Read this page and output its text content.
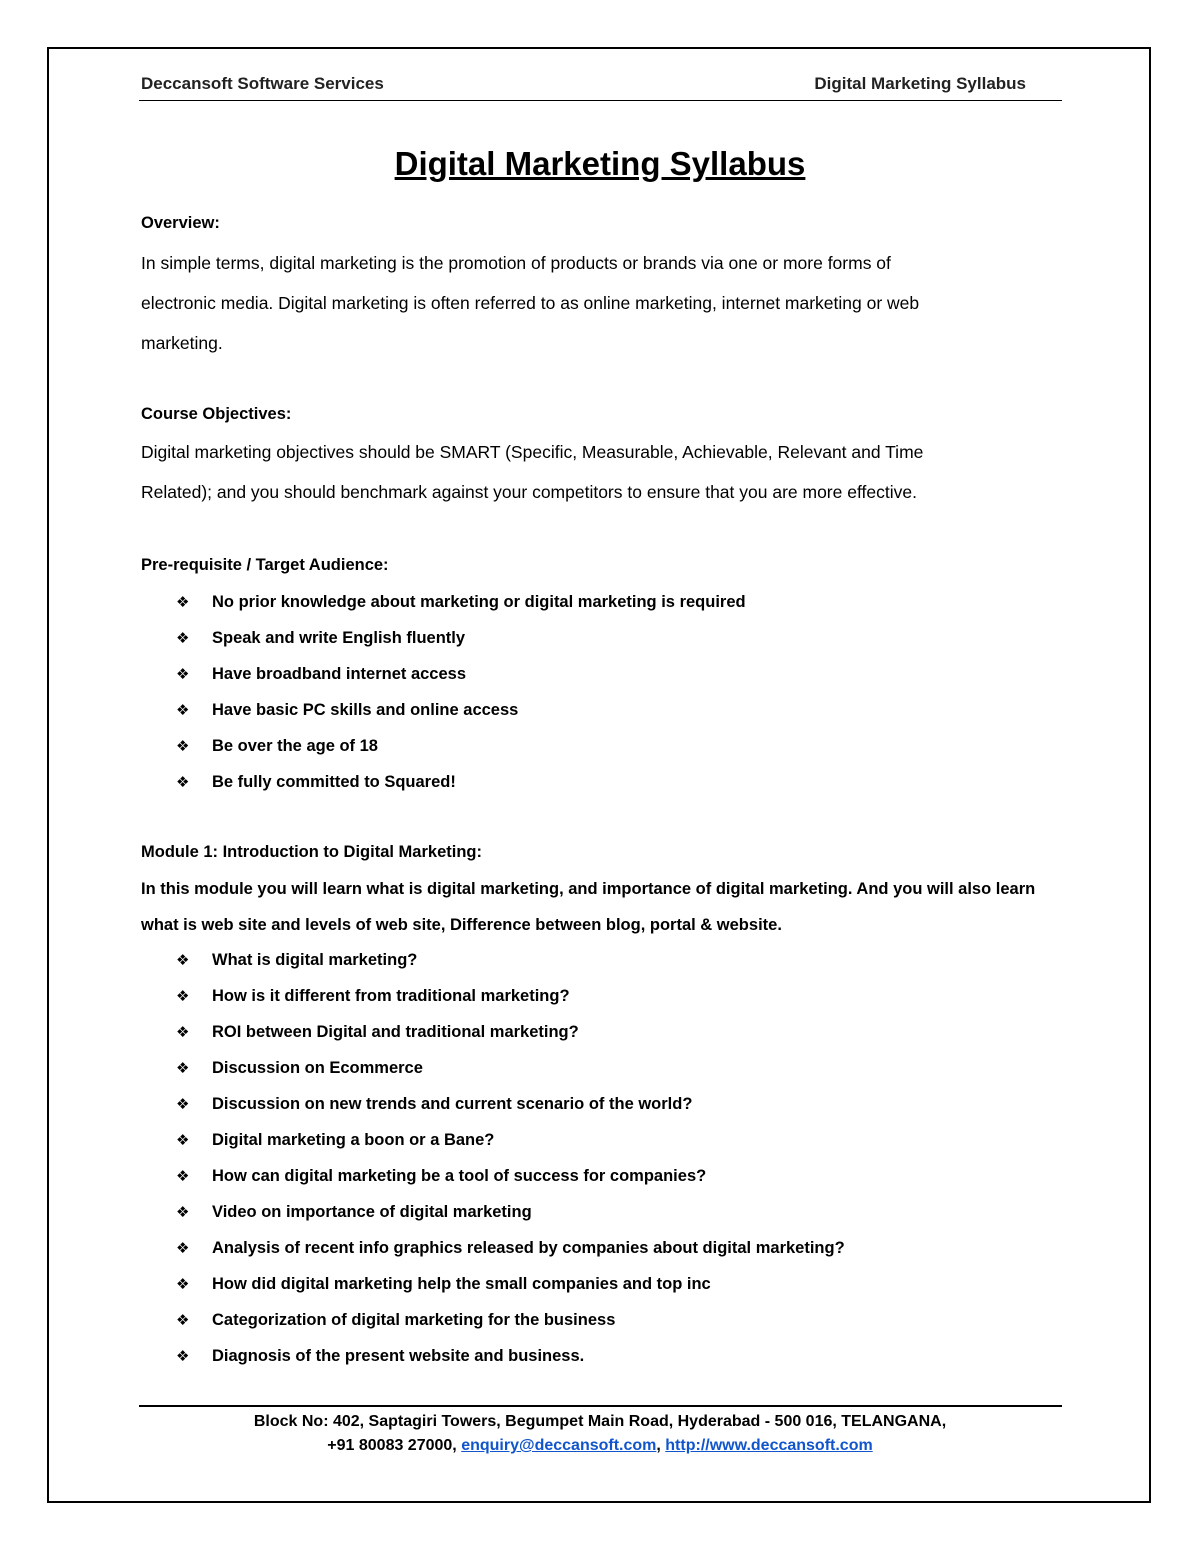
Deccansoft Software Services	Digital Marketing Syllabus
Digital Marketing Syllabus
Overview:
In simple terms, digital marketing is the promotion of products or brands via one or more forms of
electronic media. Digital marketing is often referred to as online marketing, internet marketing or web
marketing.
Course Objectives:
Digital marketing objectives should be SMART (Specific, Measurable, Achievable, Relevant and Time
Related); and you should benchmark against your competitors to ensure that you are more effective.
Pre-requisite / Target Audience:
❖ No prior knowledge about marketing or digital marketing is required
❖ Speak and write English fluently
❖ Have broadband internet access
❖ Have basic PC skills and online access
❖ Be over the age of 18
❖ Be fully committed to Squared!
Module 1: Introduction to Digital Marketing:
In this module you will learn what is digital marketing, and importance of digital marketing. And you will also learn
what is web site and levels of web site, Difference between blog, portal & website.
❖ What is digital marketing?
❖ How is it different from traditional marketing?
❖ ROI between Digital and traditional marketing?
❖ Discussion on Ecommerce
❖ Discussion on new trends and current scenario of the world?
❖ Digital marketing a boon or a Bane?
❖ How can digital marketing be a tool of success for companies?
❖ Video on importance of digital marketing
❖ Analysis of recent info graphics released by companies about digital marketing?
❖ How did digital marketing help the small companies and top inc
❖ Categorization of digital marketing for the business
❖ Diagnosis of the present website and business.
Block No: 402, Saptagiri Towers, Begumpet Main Road, Hyderabad - 500 016, TELANGANA,
+91 80083 27000, enquiry@deccansoft.com, http://www.deccansoft.com
